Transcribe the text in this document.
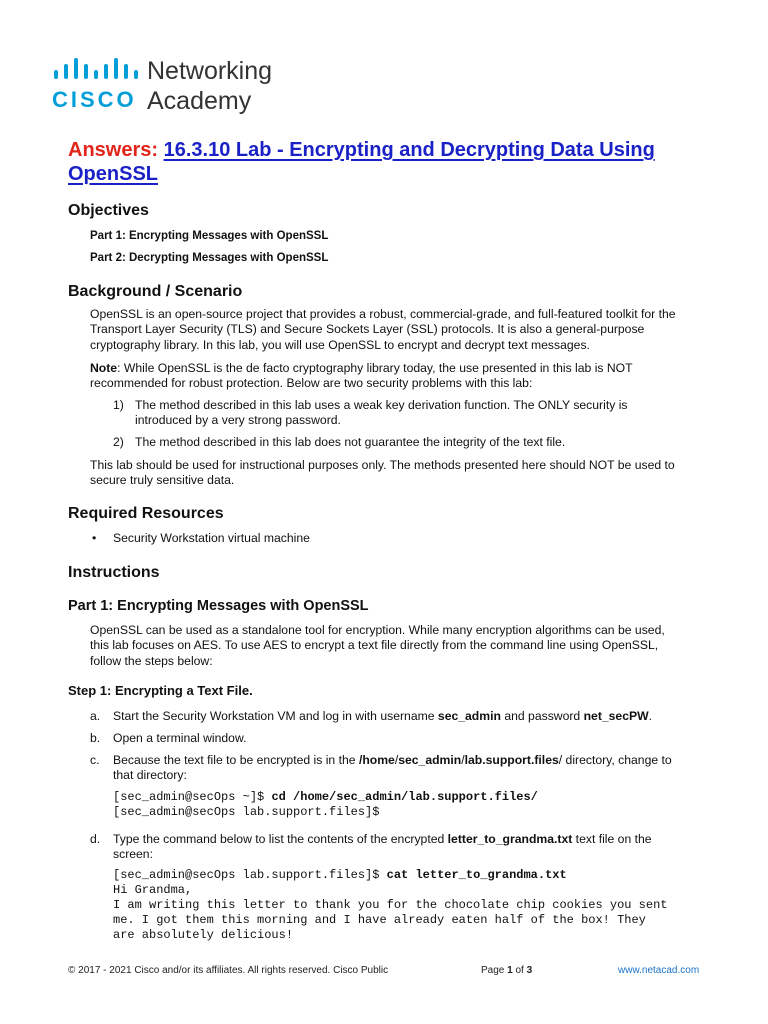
CISCO
Networking
Academy
Answers: 16.3.10 Lab - Encrypting and Decrypting Data Using
OpenSSL
Objectives
Part 1: Encrypting Messages with OpenSSL
Part 2: Decrypting Messages with OpenSSL
Background / Scenario
OpenSSL is an open-source project that provides a robust, commercial-grade, and full-featured toolkit for the
Transport Layer Security (TLS) and Secure Sockets Layer (SSL) protocols. It is also a general-purpose
cryptography library. In this lab, you will use OpenSSL to encrypt and decrypt text messages.
Note: While OpenSSL is the de facto cryptography library today, the use presented in this lab is NOT
recommended for robust protection. Below are two security problems with this lab:
1) The method described in this lab uses a weak key derivation function. The ONLY security is
introduced by a very strong password.
2) The method described in this lab does not guarantee the integrity of the text file.
This lab should be used for instructional purposes only. The methods presented here should NOT be used to
secure truly sensitive data.
Required Resources
• Security Workstation virtual machine
Instructions
Part 1: Encrypting Messages with OpenSSL
OpenSSL can be used as a standalone tool for encryption. While many encryption algorithms can be used,
this lab focuses on AES. To use AES to encrypt a text file directly from the command line using OpenSSL,
follow the steps below:
Step 1: Encrypting a Text File.
a. Start the Security Workstation VM and log in with username sec_admin and password net_secPW.
b. Open a terminal window.
c. Because the text file to be encrypted is in the /home/sec_admin/lab.support.files/ directory, change to
that directory:
[sec_admin@secOps ~]$ cd /home/sec_admin/lab.support.files/
[sec_admin@secOps lab.support.files]$
d. Type the command below to list the contents of the encrypted letter_to_grandma.txt text file on the
screen:
[sec_admin@secOps lab.support.files]$ cat letter_to_grandma.txt
Hi Grandma,
I am writing this letter to thank you for the chocolate chip cookies you sent
me. I got them this morning and I have already eaten half of the box! They
are absolutely delicious!
© 2017 - 2021 Cisco and/or its affiliates. All rights reserved. Cisco Public	Page 1 of 3	www.netacad.com
